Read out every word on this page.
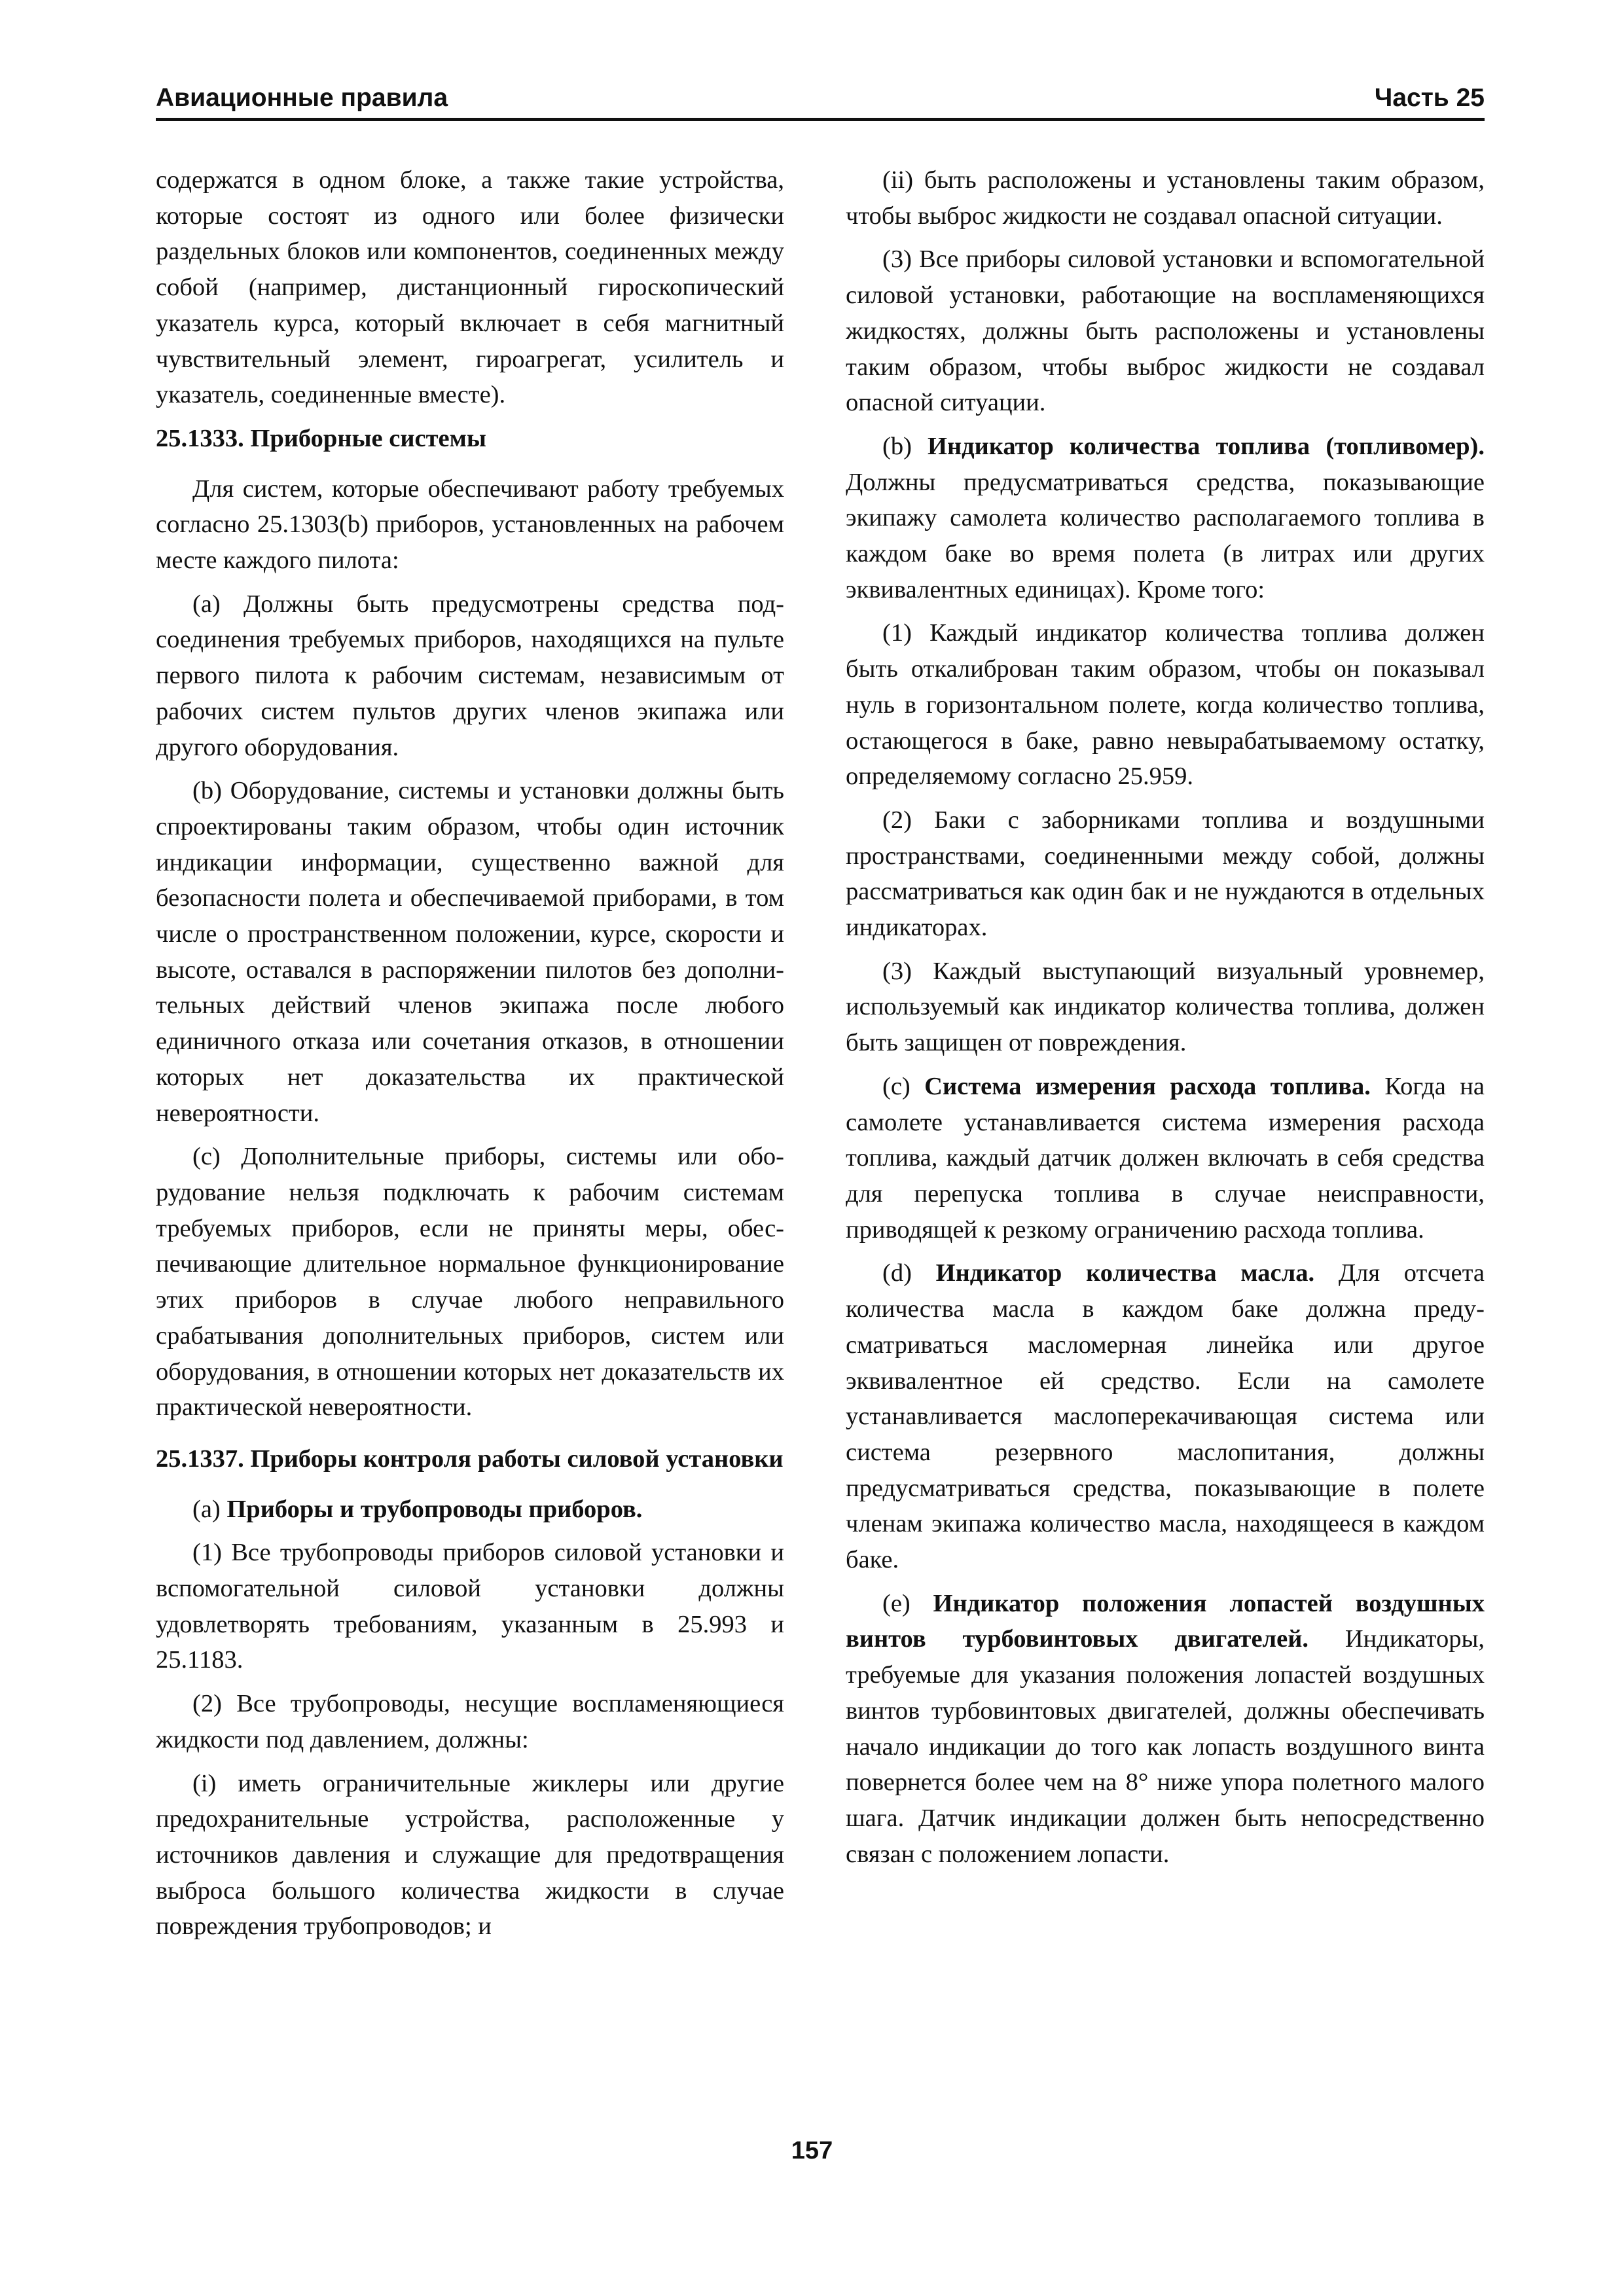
Авиационные правила	Часть 25

содержатся в одном блоке, а также такие устройства, которые состоят из одного или более физически раздельных блоков или компонентов, соединенных между собой (например, дистанционный гироскопический указатель курса, который включает в себя магнитный чувствительный элемент, гироагрегат, усилитель и указатель, соединенные вместе).

25.1333. Приборные системы

Для систем, которые обеспечивают работу требуемых согласно 25.1303(b) приборов, установленных на рабочем месте каждого пилота:

(a) Должны быть предусмотрены средства подсоединения требуемых приборов, находящихся на пульте первого пилота к рабочим системам, независимым от рабочих систем пультов других членов экипажа или другого оборудования.

(b) Оборудование, системы и установки должны быть спроектированы таким образом, чтобы один источник индикации информации, существенно важной для безопасности полета и обеспечиваемой приборами, в том числе о пространственном положении, курсе, скорости и высоте, оставался в распоряжении пилотов без дополнительных действий членов экипажа после любого единичного отказа или сочетания отказов, в отношении которых нет доказательства их практической невероятности.

(c) Дополнительные приборы, системы или оборудование нельзя подключать к рабочим системам требуемых приборов, если не приняты меры, обеспечивающие длительное нормальное функционирование этих приборов в случае любого неправильного срабатывания дополнительных приборов, систем или оборудования, в отношении которых нет доказательств их практической невероятности.

25.1337. Приборы контроля работы силовой установки

(a) Приборы и трубопроводы приборов.

(1) Все трубопроводы приборов силовой установки и вспомогательной силовой установки должны удовлетворять требованиям, указанным в 25.993 и 25.1183.

(2) Все трубопроводы, несущие воспламеняющиеся жидкости под давлением, должны:

(i) иметь ограничительные жиклеры или другие предохранительные устройства, расположенные у источников давления и служащие для предотвращения выброса большого количества жидкости в случае повреждения трубопроводов; и

(ii) быть расположены и установлены таким образом, чтобы выброс жидкости не создавал опасной ситуации.

(3) Все приборы силовой установки и вспомогательной силовой установки, работающие на воспламеняющихся жидкостях, должны быть расположены и установлены таким образом, чтобы выброс жидкости не создавал опасной ситуации.

(b) Индикатор количества топлива (топливомер). Должны предусматриваться средства, показывающие экипажу самолета количество располагаемого топлива в каждом баке во время полета (в литрах или других эквивалентных единицах). Кроме того:

(1) Каждый индикатор количества топлива должен быть откалиброван таким образом, чтобы он показывал нуль в горизонтальном полете, когда количество топлива, остающегося в баке, равно невырабатываемому остатку, определяемому согласно 25.959.

(2) Баки с заборниками топлива и воздушными пространствами, соединенными между собой, должны рассматриваться как один бак и не нуждаются в отдельных индикаторах.

(3) Каждый выступающий визуальный уровнемер, используемый как индикатор количества топлива, должен быть защищен от повреждения.

(c) Система измерения расхода топлива. Когда на самолете устанавливается система измерения расхода топлива, каждый датчик должен включать в себя средства для перепуска топлива в случае неисправности, приводящей к резкому ограничению расхода топлива.

(d) Индикатор количества масла. Для отсчета количества масла в каждом баке должна предусматриваться масломерная линейка или другое эквивалентное ей средство. Если на самолете устанавливается маслоперекачивающая система или система резервного маслопитания, должны предусматриваться средства, показывающие в полете членам экипажа количество масла, находящееся в каждом баке.

(e) Индикатор положения лопастей воздушных винтов турбовинтовых двигателей. Индикаторы, требуемые для указания положения лопастей воздушных винтов турбовинтовых двигателей, должны обеспечивать начало индикации до того как лопасть воздушного винта повернется более чем на 8° ниже упора полетного малого шага. Датчик индикации должен быть непосредственно связан с положением лопасти.

157
